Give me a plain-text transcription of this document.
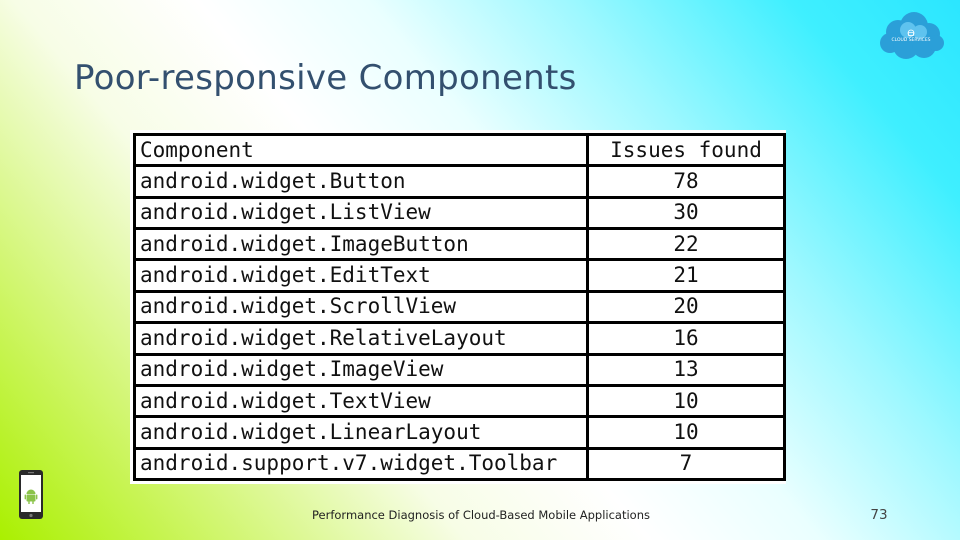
Poor-responsive Components
CLOUD SERVICES
Component	Issues found
android.widget.Button	78
android.widget.ListView	30
android.widget.ImageButton	22
android.widget.EditText	21
android.widget.ScrollView	20
android.widget.RelativeLayout	16
android.widget.ImageView	13
android.widget.TextView	10
android.widget.LinearLayout	10
android.support.v7.widget.Toolbar	7

Performance Diagnosis of Cloud-Based Mobile Applications	73
